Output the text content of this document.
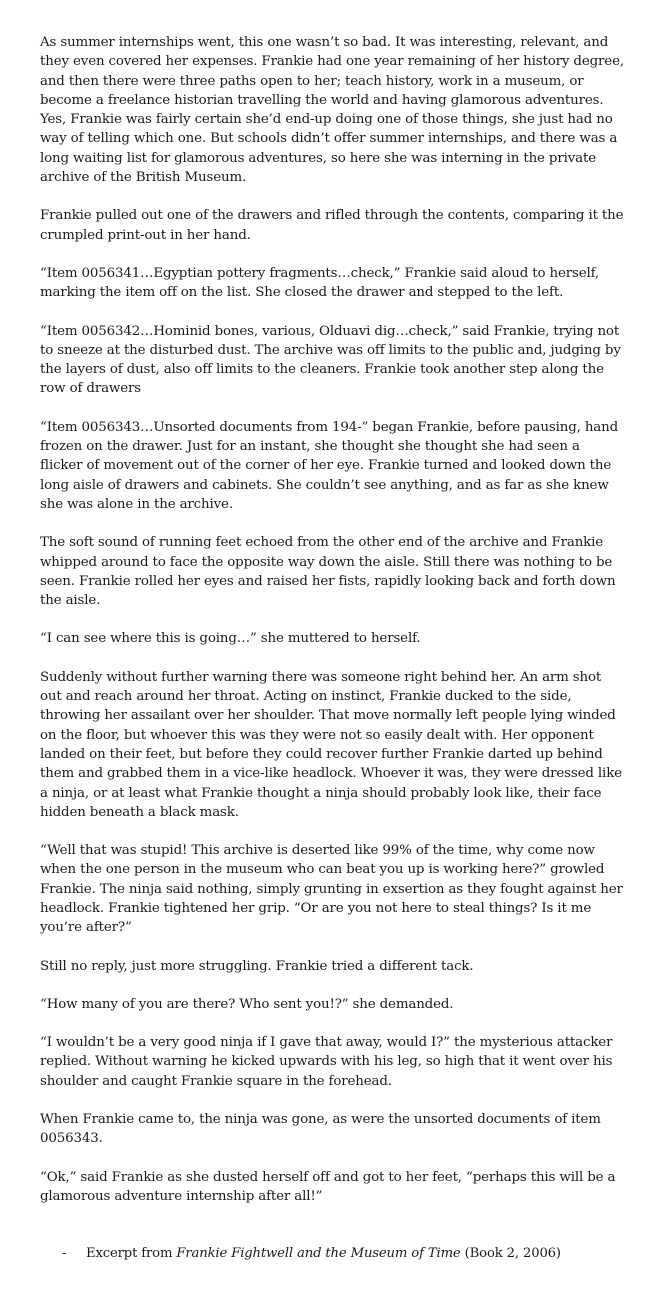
As summer internships went, this one wasn’t so bad. It was interesting, relevant, and they even covered her expenses. Frankie had one year remaining of her history degree, and then there were three paths open to her; teach history, work in a museum, or become a freelance historian travelling the world and having glamorous adventures. Yes, Frankie was fairly certain she’d end-up doing one of those things, she just had no way of telling which one. But schools didn’t offer summer internships, and there was a long waiting list for glamorous adventures, so here she was interning in the private archive of the British Museum.

Frankie pulled out one of the drawers and rifled through the contents, comparing it the crumpled print-out in her hand.

“Item 0056341…Egyptian pottery fragments…check,” Frankie said aloud to herself, marking the item off on the list. She closed the drawer and stepped to the left.

“Item 0056342…Hominid bones, various, Olduavi dig…check,” said Frankie, trying not to sneeze at the disturbed dust. The archive was off limits to the public and, judging by the layers of dust, also off limits to the cleaners. Frankie took another step along the row of drawers

“Item 0056343…Unsorted documents from 194-” began Frankie, before pausing, hand frozen on the drawer. Just for an instant, she thought she thought she had seen a flicker of movement out of the corner of her eye. Frankie turned and looked down the long aisle of drawers and cabinets. She couldn’t see anything, and as far as she knew she was alone in the archive.

The soft sound of running feet echoed from the other end of the archive and Frankie whipped around to face the opposite way down the aisle. Still there was nothing to be seen. Frankie rolled her eyes and raised her fists, rapidly looking back and forth down the aisle.

“I can see where this is going…” she muttered to herself.

Suddenly without further warning there was someone right behind her. An arm shot out and reach around her throat. Acting on instinct, Frankie ducked to the side, throwing her assailant over her shoulder. That move normally left people lying winded on the floor, but whoever this was they were not so easily dealt with. Her opponent landed on their feet, but before they could recover further Frankie darted up behind them and grabbed them in a vice-like headlock. Whoever it was, they were dressed like a ninja, or at least what Frankie thought a ninja should probably look like, their face hidden beneath a black mask.

“Well that was stupid! This archive is deserted like 99% of the time, why come now when the one person in the museum who can beat you up is working here?” growled Frankie. The ninja said nothing, simply grunting in exsertion as they fought against her headlock. Frankie tightened her grip. “Or are you not here to steal things? Is it me you’re after?”

Still no reply, just more struggling. Frankie tried a different tack.

“How many of you are there? Who sent you!?” she demanded.

“I wouldn’t be a very good ninja if I gave that away, would I?” the mysterious attacker replied. Without warning he kicked upwards with his leg, so high that it went over his shoulder and caught Frankie square in the forehead.

When Frankie came to, the ninja was gone, as were the unsorted documents of item 0056343.

“Ok,” said Frankie as she dusted herself off and got to her feet, “perhaps this will be a glamorous adventure internship after all!”

- Excerpt from Frankie Fightwell and the Museum of Time (Book 2, 2006)
